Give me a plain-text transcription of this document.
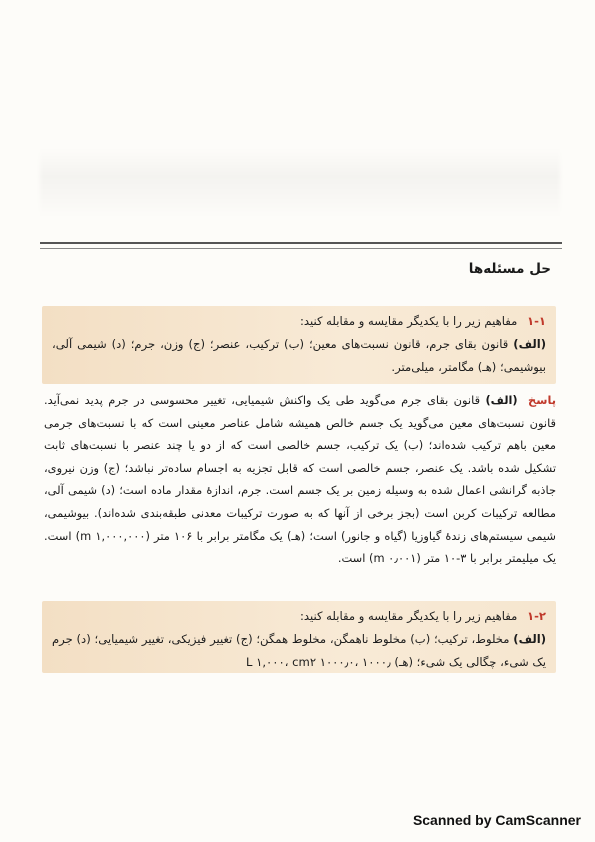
حل مسئله‌ها

۱-۱ مفاهیم زیر را با یکدیگر مقایسه و مقابله کنید:

(الف) قانون بقای جرم، قانون نسبت‌های معین؛ (ب) ترکیب، عنصر؛ (ج) وزن، جرم؛ (د) شیمی آلی، بیوشیمی؛ (هـ) مگامتر، میلی‌متر.

پاسخ (الف) قانون بقای جرم می‌گوید طی یک واکنش شیمیایی، تغییر محسوسی در جرم پدید نمی‌آید. قانون نسبت‌های معین می‌گوید یک جسم خالص همیشه شامل عناصر معینی است که با نسبت‌های جرمی معین باهم ترکیب شده‌اند؛ (ب) یک ترکیب، جسم خالصی است که از دو یا چند عنصر با نسبت‌های ثابت تشکیل شده باشد. یک عنصر، جسم خالصی است که قابل تجزیه به اجسام ساده‌تر نباشد؛ (ج) وزن نیروی، جاذبه گرانشی اعمال شده به وسیله زمین بر یک جسم است. جرم، اندازهٔ مقدار ماده است؛ (د) شیمی آلی، مطالعه ترکیبات کربن است (بجز برخی از آنها که به صورت ترکیبات معدنی طبقه‌بندی شده‌اند). بیوشیمی، شیمی سیستم‌های زندهٔ گیاوزیا (گیاه و جانور) است؛ (هـ) یک مگامتر برابر با ۱۰۶ متر (m ۱,۰۰۰,۰۰۰) است. یک میلیمتر برابر با ۳-۱۰ متر (m ۰٫۰۰۱) است.

۱-۲ مفاهیم زیر را با یکدیگر مقایسه و مقابله کنید:

(الف) مخلوط، ترکیب؛ (ب) مخلوط ناهمگن، مخلوط همگن؛ (ج) تغییر فیزیکی، تغییر شیمیایی؛ (د) جرم یک شیء، چگالی یک شیء؛ (هـ) L ۱,۰۰۰، cm۲ ۱۰۰۰٫۰، ۱۰۰۰٫

Scanned by CamScanner
